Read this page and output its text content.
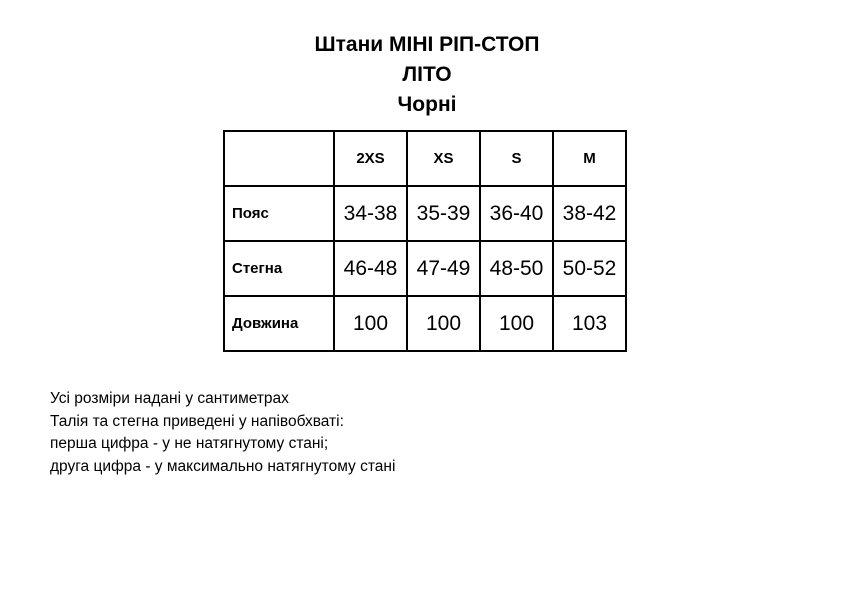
Штани МІНІ РІП-СТОП
ЛІТО
Чорні
	2XS	XS	S	M
Пояс	34-38	35-39	36-40	38-42
Стегна	46-48	47-49	48-50	50-52
Довжина	100	100	100	103
Усі розміри надані у сантиметрах
Талія та стегна приведені у напівобхваті:
перша цифра - у не натягнутому стані;
друга цифра - у максимально натягнутому стані
